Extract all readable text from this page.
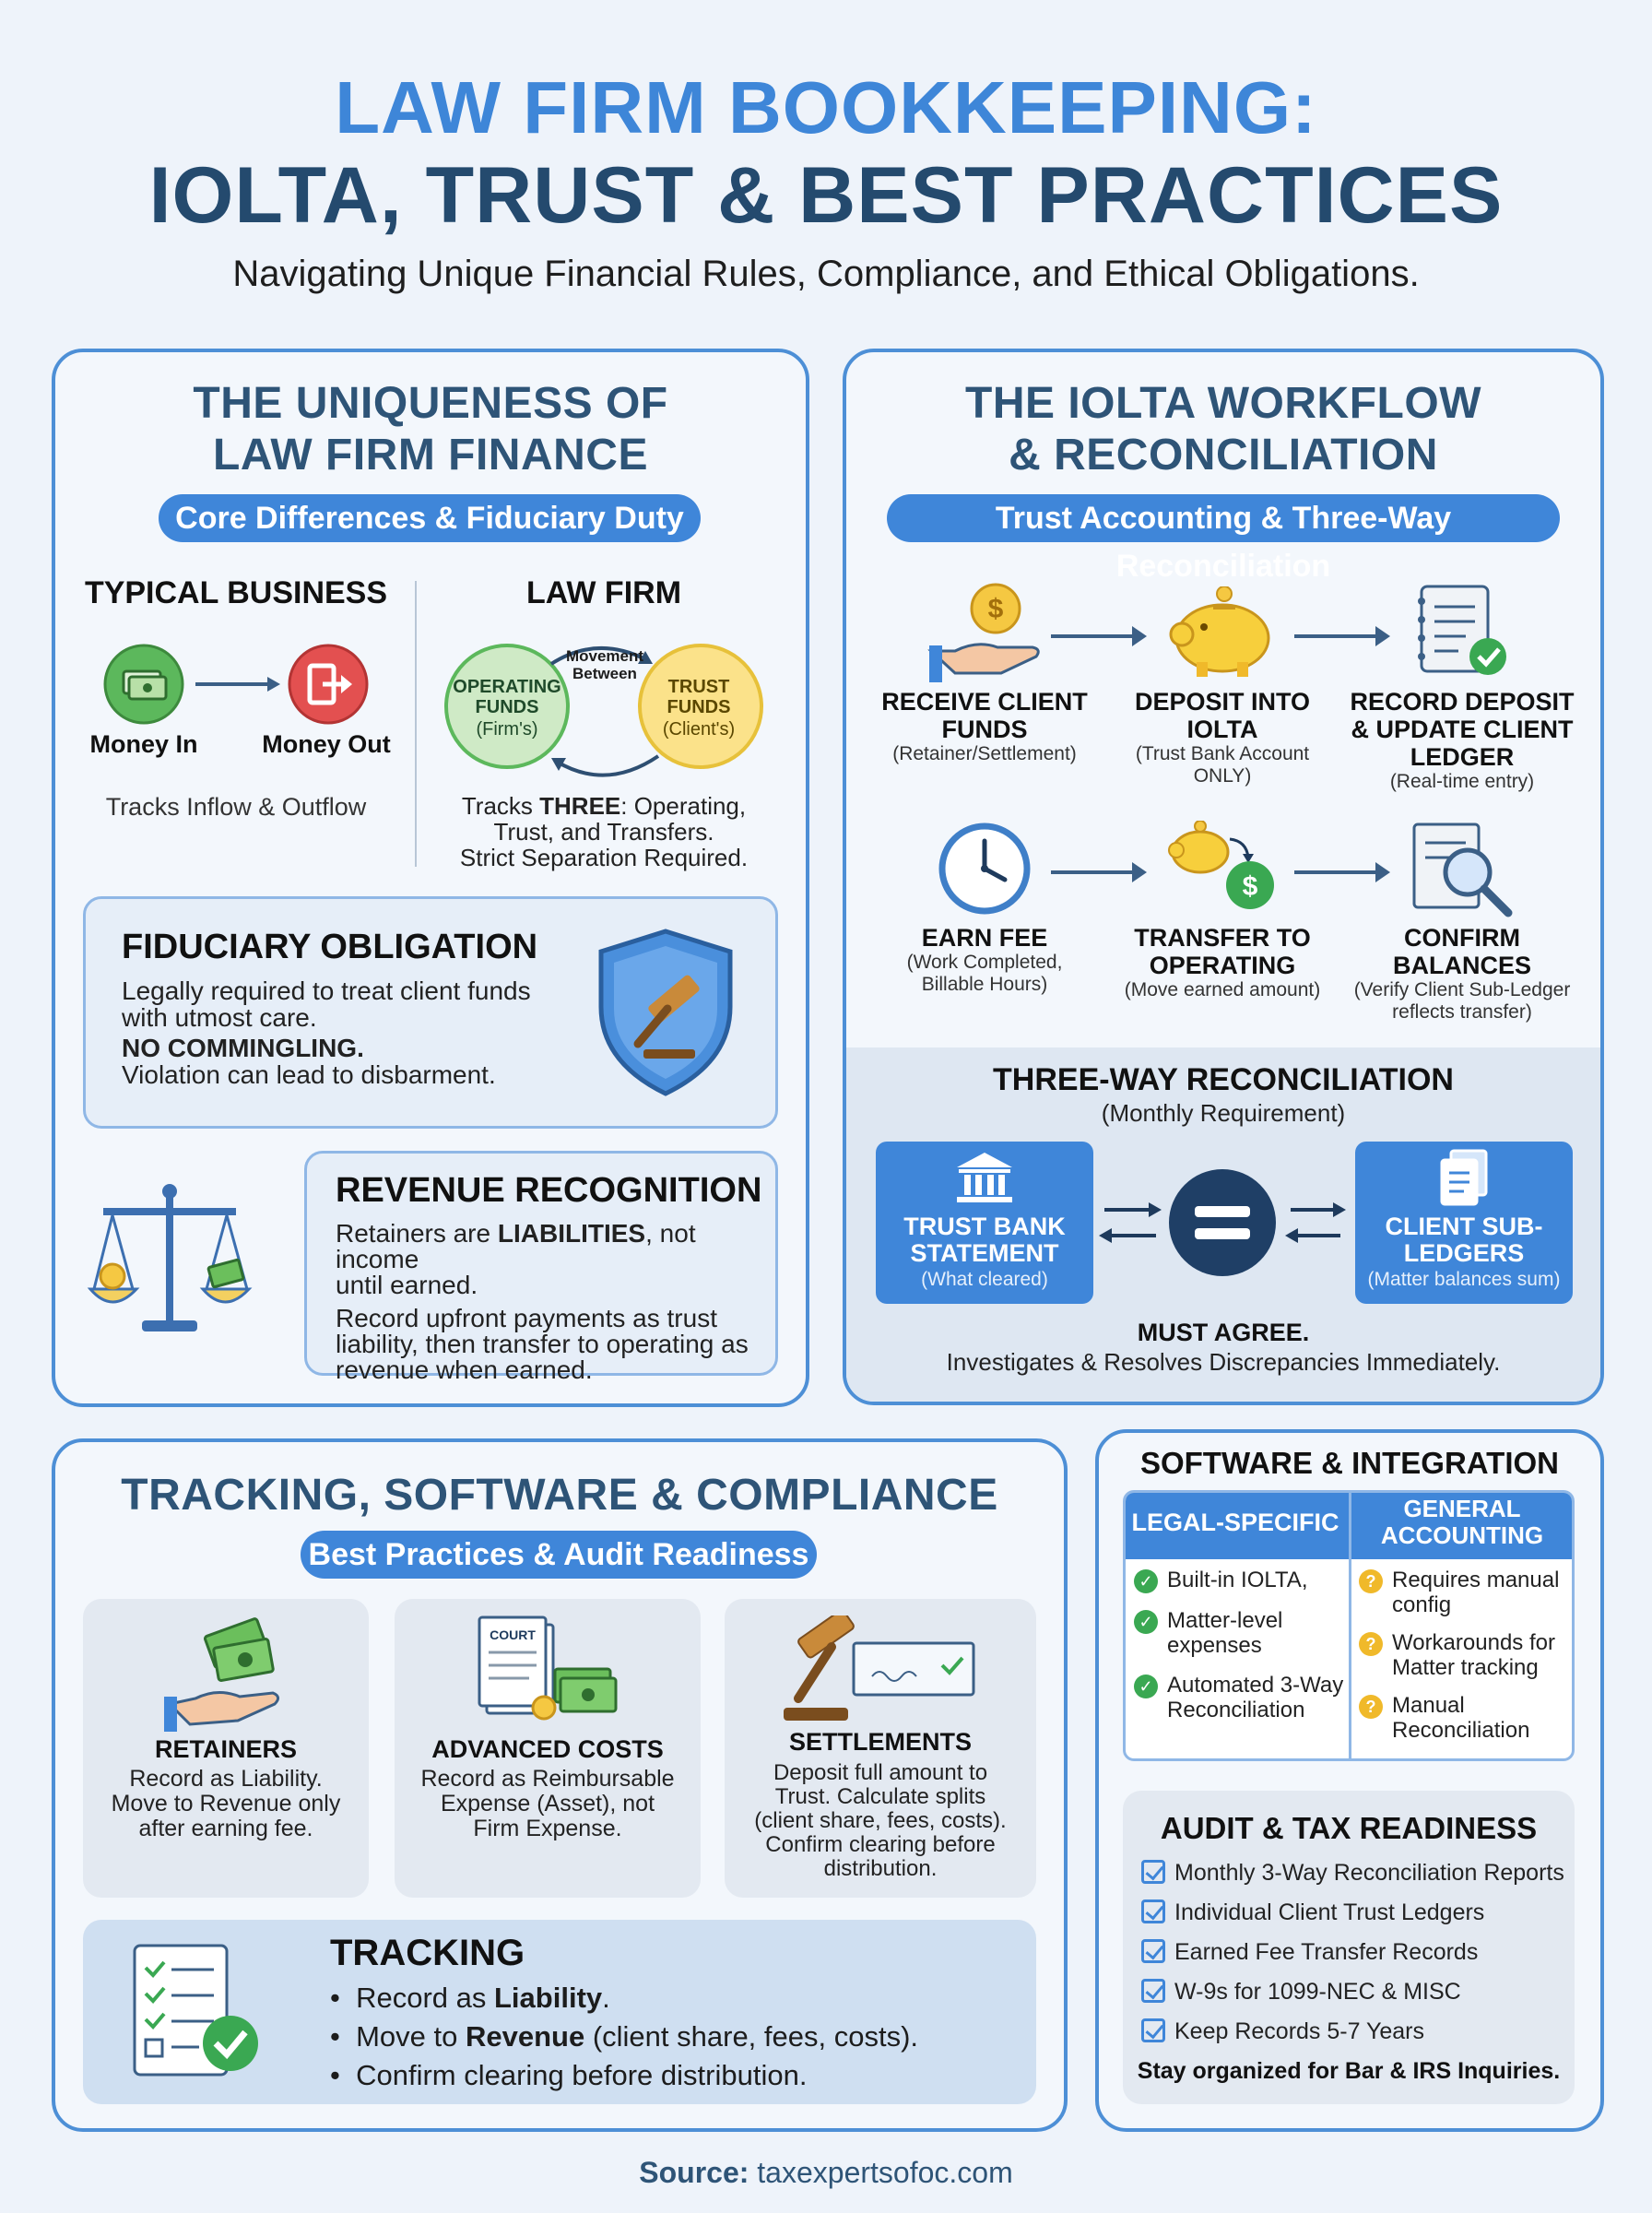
LAW FIRM BOOKKEEPING:
IOLTA, TRUST & BEST PRACTICES
Navigating Unique Financial Rules, Compliance, and Ethical Obligations.
THE UNIQUENESS OF
LAW FIRM FINANCE
Core Differences & Fiduciary Duty
TYPICAL BUSINESS
Money In	Money Out
Tracks Inflow & Outflow
LAW FIRM
OPERATING FUNDS
(Firm's)
TRUST FUNDS
(Client's)
Movement Between
Tracks THREE: Operating,
Trust, and Transfers.
Strict Separation Required.
FIDUCIARY OBLIGATION
Legally required to treat client funds
with utmost care.
NO COMMINGLING.
Violation can lead to disbarment.
REVENUE RECOGNITION
Retainers are LIABILITIES, not income
until earned.
Record upfront payments as trust
liability, then transfer to operating as
revenue when earned.
THE IOLTA WORKFLOW
& RECONCILIATION
Trust Accounting & Three-Way Reconciliation
$
RECEIVE CLIENT
FUNDS
(Retainer/Settlement)
DEPOSIT INTO
IOLTA
(Trust Bank Account
ONLY)
RECORD DEPOSIT
& UPDATE CLIENT
LEDGER
(Real-time entry)
$
EARN FEE
(Work Completed,
Billable Hours)
TRANSFER TO
OPERATING
(Move earned amount)
CONFIRM
BALANCES
(Verify Client Sub-Ledger
reflects transfer)
THREE-WAY RECONCILIATION
(Monthly Requirement)
TRUST BANK
STATEMENT
(What cleared)
CLIENT SUB-
LEDGERS
(Matter balances sum)
MUST AGREE.
Investigates & Resolves Discrepancies Immediately.
TRACKING, SOFTWARE & COMPLIANCE
Best Practices & Audit Readiness
RETAINERS
Record as Liability.
Move to Revenue only
after earning fee.
COURT
ADVANCED COSTS
Record as Reimbursable
Expense (Asset), not
Firm Expense.
SETTLEMENTS
Deposit full amount to
Trust. Calculate splits
(client share, fees, costs).
Confirm clearing before
distribution.
TRACKING
•  Record as Liability.
•  Move to Revenue (client share, fees, costs).
•  Confirm clearing before distribution.
SOFTWARE & INTEGRATION
LEGAL-SPECIFIC	GENERAL
ACCOUNTING
✓ Built-in IOLTA,
✓ Matter-level
expenses
✓ Automated 3-Way
Reconciliation
? Requires manual
config
? Workarounds for
Matter tracking
? Manual
Reconciliation
AUDIT & TAX READINESS
Monthly 3-Way Reconciliation Reports
Individual Client Trust Ledgers
Earned Fee Transfer Records
W-9s for 1099-NEC & MISC
Keep Records 5-7 Years
Stay organized for Bar & IRS Inquiries.
Source: taxexpertsofoc.com
